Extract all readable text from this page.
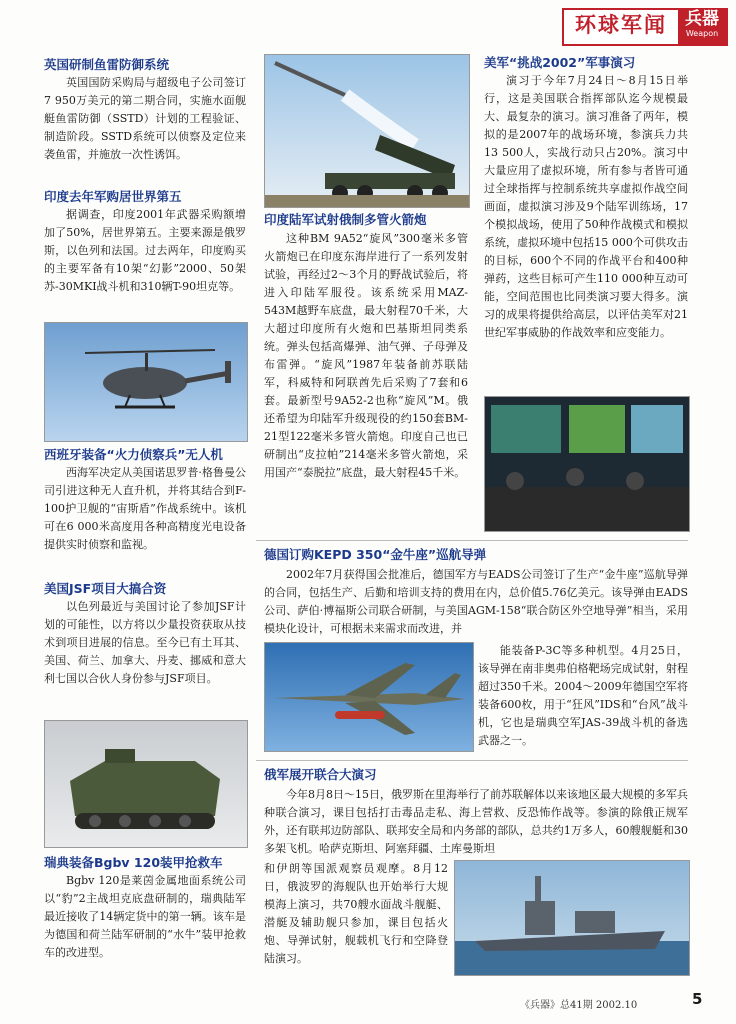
环球军闻	兵器
Weapon
英国研制鱼雷防御系统
英国国防采购局与超级电子公司签订7 950万美元的第二期合同，实施水面舰艇鱼雷防御（SSTD）计划的工程验证、制造阶段。SSTD系统可以侦察及定位来袭鱼雷，并施放一次性诱饵。
印度去年军购居世界第五
据调查，印度2001年武器采购额增加了50%，居世界第五。主要来源是俄罗斯，以色列和法国。过去两年，印度购买的主要军备有10架“幻影”2000、50架苏-30MKI战斗机和310辆T-90坦克等。
西班牙装备“火力侦察兵”无人机
西海军决定从美国诺思罗普·格鲁曼公司引进这种无人直升机，并将其结合到F-100护卫舰的“宙斯盾”作战系统中。该机可在6 000米高度用各种高精度光电设备提供实时侦察和监视。
美国JSF项目大搞合资
以色列最近与美国讨论了参加JSF计划的可能性，以方将以少量投资获取从技术到项目进展的信息。至今已有土耳其、美国、荷兰、加拿大、丹麦、挪威和意大利七国以合伙人身份参与JSF项目。
瑞典装备Bgbv 120装甲抢救车
Bgbv 120是莱茵金属地面系统公司以“豹”2主战坦克底盘研制的，瑞典陆军最近接收了14辆定货中的第一辆。该车是为德国和荷兰陆军研制的“水牛”装甲抢救车的改进型。
印度陆军试射俄制多管火箭炮
这种BM 9A52“旋风”300毫米多管火箭炮已在印度东海岸进行了一系列发射试验，再经过2～3个月的野战试验后，将进入印陆军服役。该系统采用MAZ-543M越野车底盘，最大射程70千米，大大超过印度所有火炮和巴基斯坦同类系统。弹头包括高爆弹、油气弹、子母弹及布雷弹。“旋风”1987年装备前苏联陆军，科威特和阿联酋先后采购了7套和6套。最新型号9A52-2也称“旋风”M。俄还希望为印陆军升级现役的约150套BM-21型122毫米多管火箭炮。印度自己也已研制出“皮拉帕”214毫米多管火箭炮，采用国产“泰脱拉”底盘，最大射程45千米。
美军“挑战2002”军事演习
演习于今年7月24日～8月15日举行，这是美国联合指挥部队迄今规模最大、最复杂的演习。演习准备了两年，模拟的是2007年的战场环境，参演兵力共13 500人，实战行动只占20%。演习中大量应用了虚拟环境，所有参与者皆可通过全球指挥与控制系统共享虚拟作战空间画面，虚拟演习涉及9个陆军训练场，17个模拟战场，使用了50种作战模式和模拟系统，虚拟环境中包括15 000个可供攻击的目标，600个不同的作战平台和400种弹药，这些目标可产生110 000种互动可能，空间范围也比同类演习要大得多。演习的成果将提供给高层，以评估美军对21世纪军事威胁的作战效率和应变能力。
德国订购KEPD 350“金牛座”巡航导弹
2002年7月获得国会批准后，德国军方与EADS公司签订了生产“金牛座”巡航导弹的合同，包括生产、后勤和培训支持的费用在内，总价值5.76亿美元。该导弹由EADS公司、萨伯·博福斯公司联合研制，与美国AGM-158“联合防区外空地导弹”相当，采用模块化设计，可根据未来需求而改进，并
能装备P-3C等多种机型。4月25日，该导弹在南非奥弗伯格靶场完成试射，射程超过350千米。2004～2009年德国空军将装备600枚，用于“狂风”IDS和“台风”战斗机，它也是瑞典空军JAS-39战斗机的备选武器之一。
俄军展开联合大演习
今年8月8日～15日，俄罗斯在里海举行了前苏联解体以来该地区最大规模的多军兵种联合演习，课目包括打击毒品走私、海上营救、反恐怖作战等。参演的除俄正规军外，还有联邦边防部队、联邦安全局和内务部的部队，总共约1万多人，60艘舰艇和30多架飞机。哈萨克斯坦、阿塞拜疆、土库曼斯坦
和伊朗等国派观察员观摩。8月12日，俄波罗的海舰队也开始举行大规模海上演习，共70艘水面战斗舰艇、潜艇及辅助舰只参加，课目包括火炮、导弹试射，舰载机飞行和空降登陆演习。
《兵器》总41期 2002.10	5
